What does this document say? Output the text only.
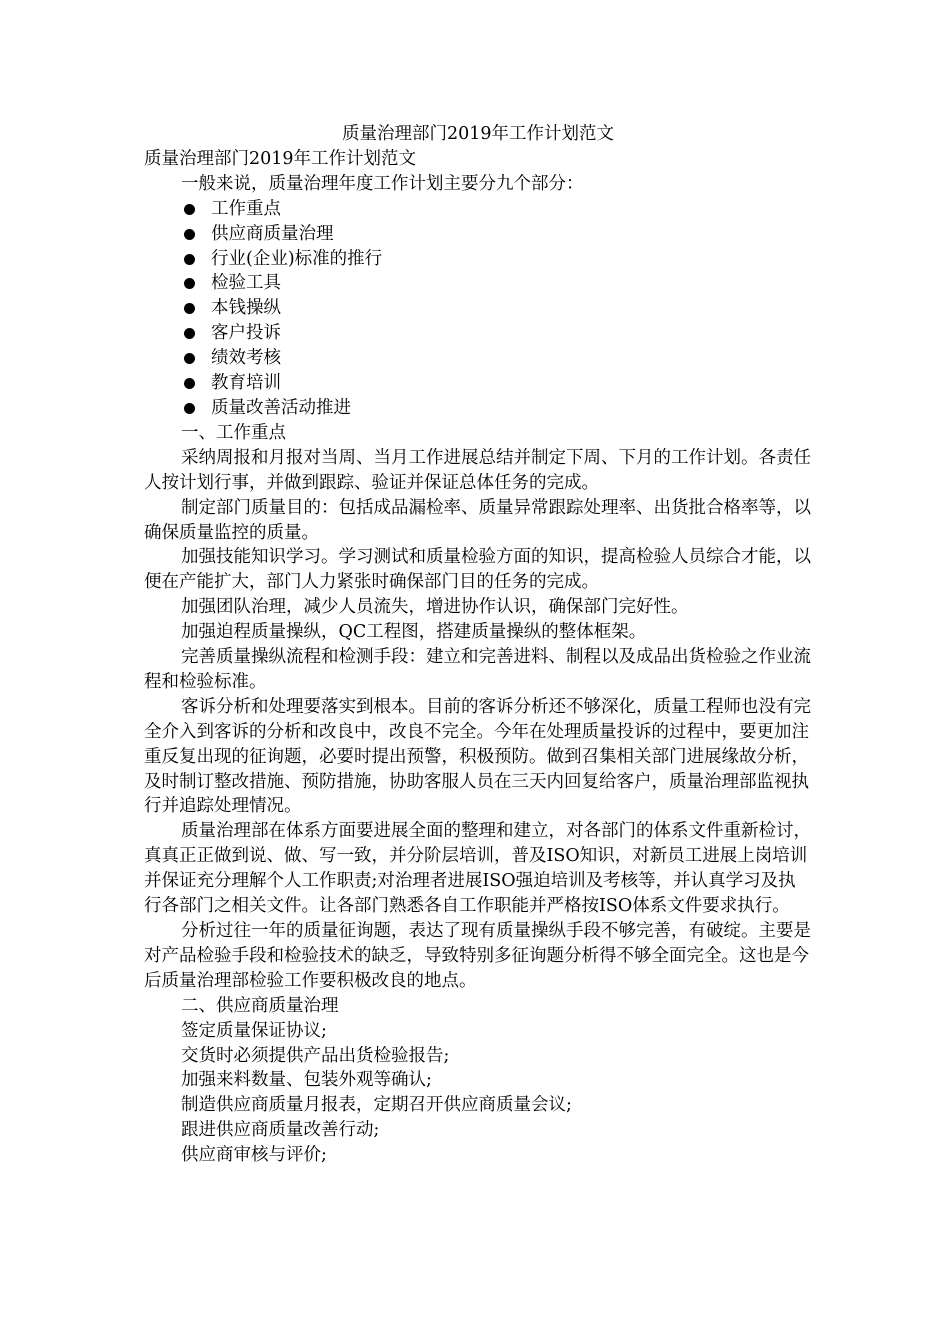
质量治理部门2019年工作计划范文

质量治理部门2019年工作计划范文

一般来说，质量治理年度工作计划主要分九个部分：

工作重点
供应商质量治理
行业(企业)标准的推行
检验工具
本钱操纵
客户投诉
绩效考核
教育培训
质量改善活动推进

一、工作重点

采纳周报和月报对当周、当月工作进展总结并制定下周、下月的工作计划。各责任人按计划行事，并做到跟踪、验证并保证总体任务的完成。

制定部门质量目的：包括成品漏检率、质量异常跟踪处理率、出货批合格率等，以确保质量监控的质量。

加强技能知识学习。学习测试和质量检验方面的知识，提高检验人员综合才能，以便在产能扩大，部门人力紧张时确保部门目的任务的完成。

加强团队治理，减少人员流失，增进协作认识，确保部门完好性。

加强迫程质量操纵，QC工程图，搭建质量操纵的整体框架。

完善质量操纵流程和检测手段：建立和完善进料、制程以及成品出货检验之作业流程和检验标准。

客诉分析和处理要落实到根本。目前的客诉分析还不够深化，质量工程师也没有完全介入到客诉的分析和改良中，改良不完全。今年在处理质量投诉的过程中，要更加注重反复出现的征询题，必要时提出预警，积极预防。做到召集相关部门进展缘故分析，及时制订整改措施、预防措施，协助客服人员在三天内回复给客户，质量治理部监视执行并追踪处理情况。

质量治理部在体系方面要进展全面的整理和建立，对各部门的体系文件重新检讨，真真正正做到说、做、写一致，并分阶层培训，普及ISO知识，对新员工进展上岗培训并保证充分理解个人工作职责;对治理者进展ISO强迫培训及考核等，并认真学习及执行各部门之相关文件。让各部门熟悉各自工作职能并严格按ISO体系文件要求执行。

分析过往一年的质量征询题，表达了现有质量操纵手段不够完善，有破绽。主要是对产品检验手段和检验技术的缺乏，导致特别多征询题分析得不够全面完全。这也是今后质量治理部检验工作要积极改良的地点。

二、供应商质量治理

签定质量保证协议;

交货时必须提供产品出货检验报告;

加强来料数量、包装外观等确认;

制造供应商质量月报表，定期召开供应商质量会议;

跟进供应商质量改善行动;

供应商审核与评价;
